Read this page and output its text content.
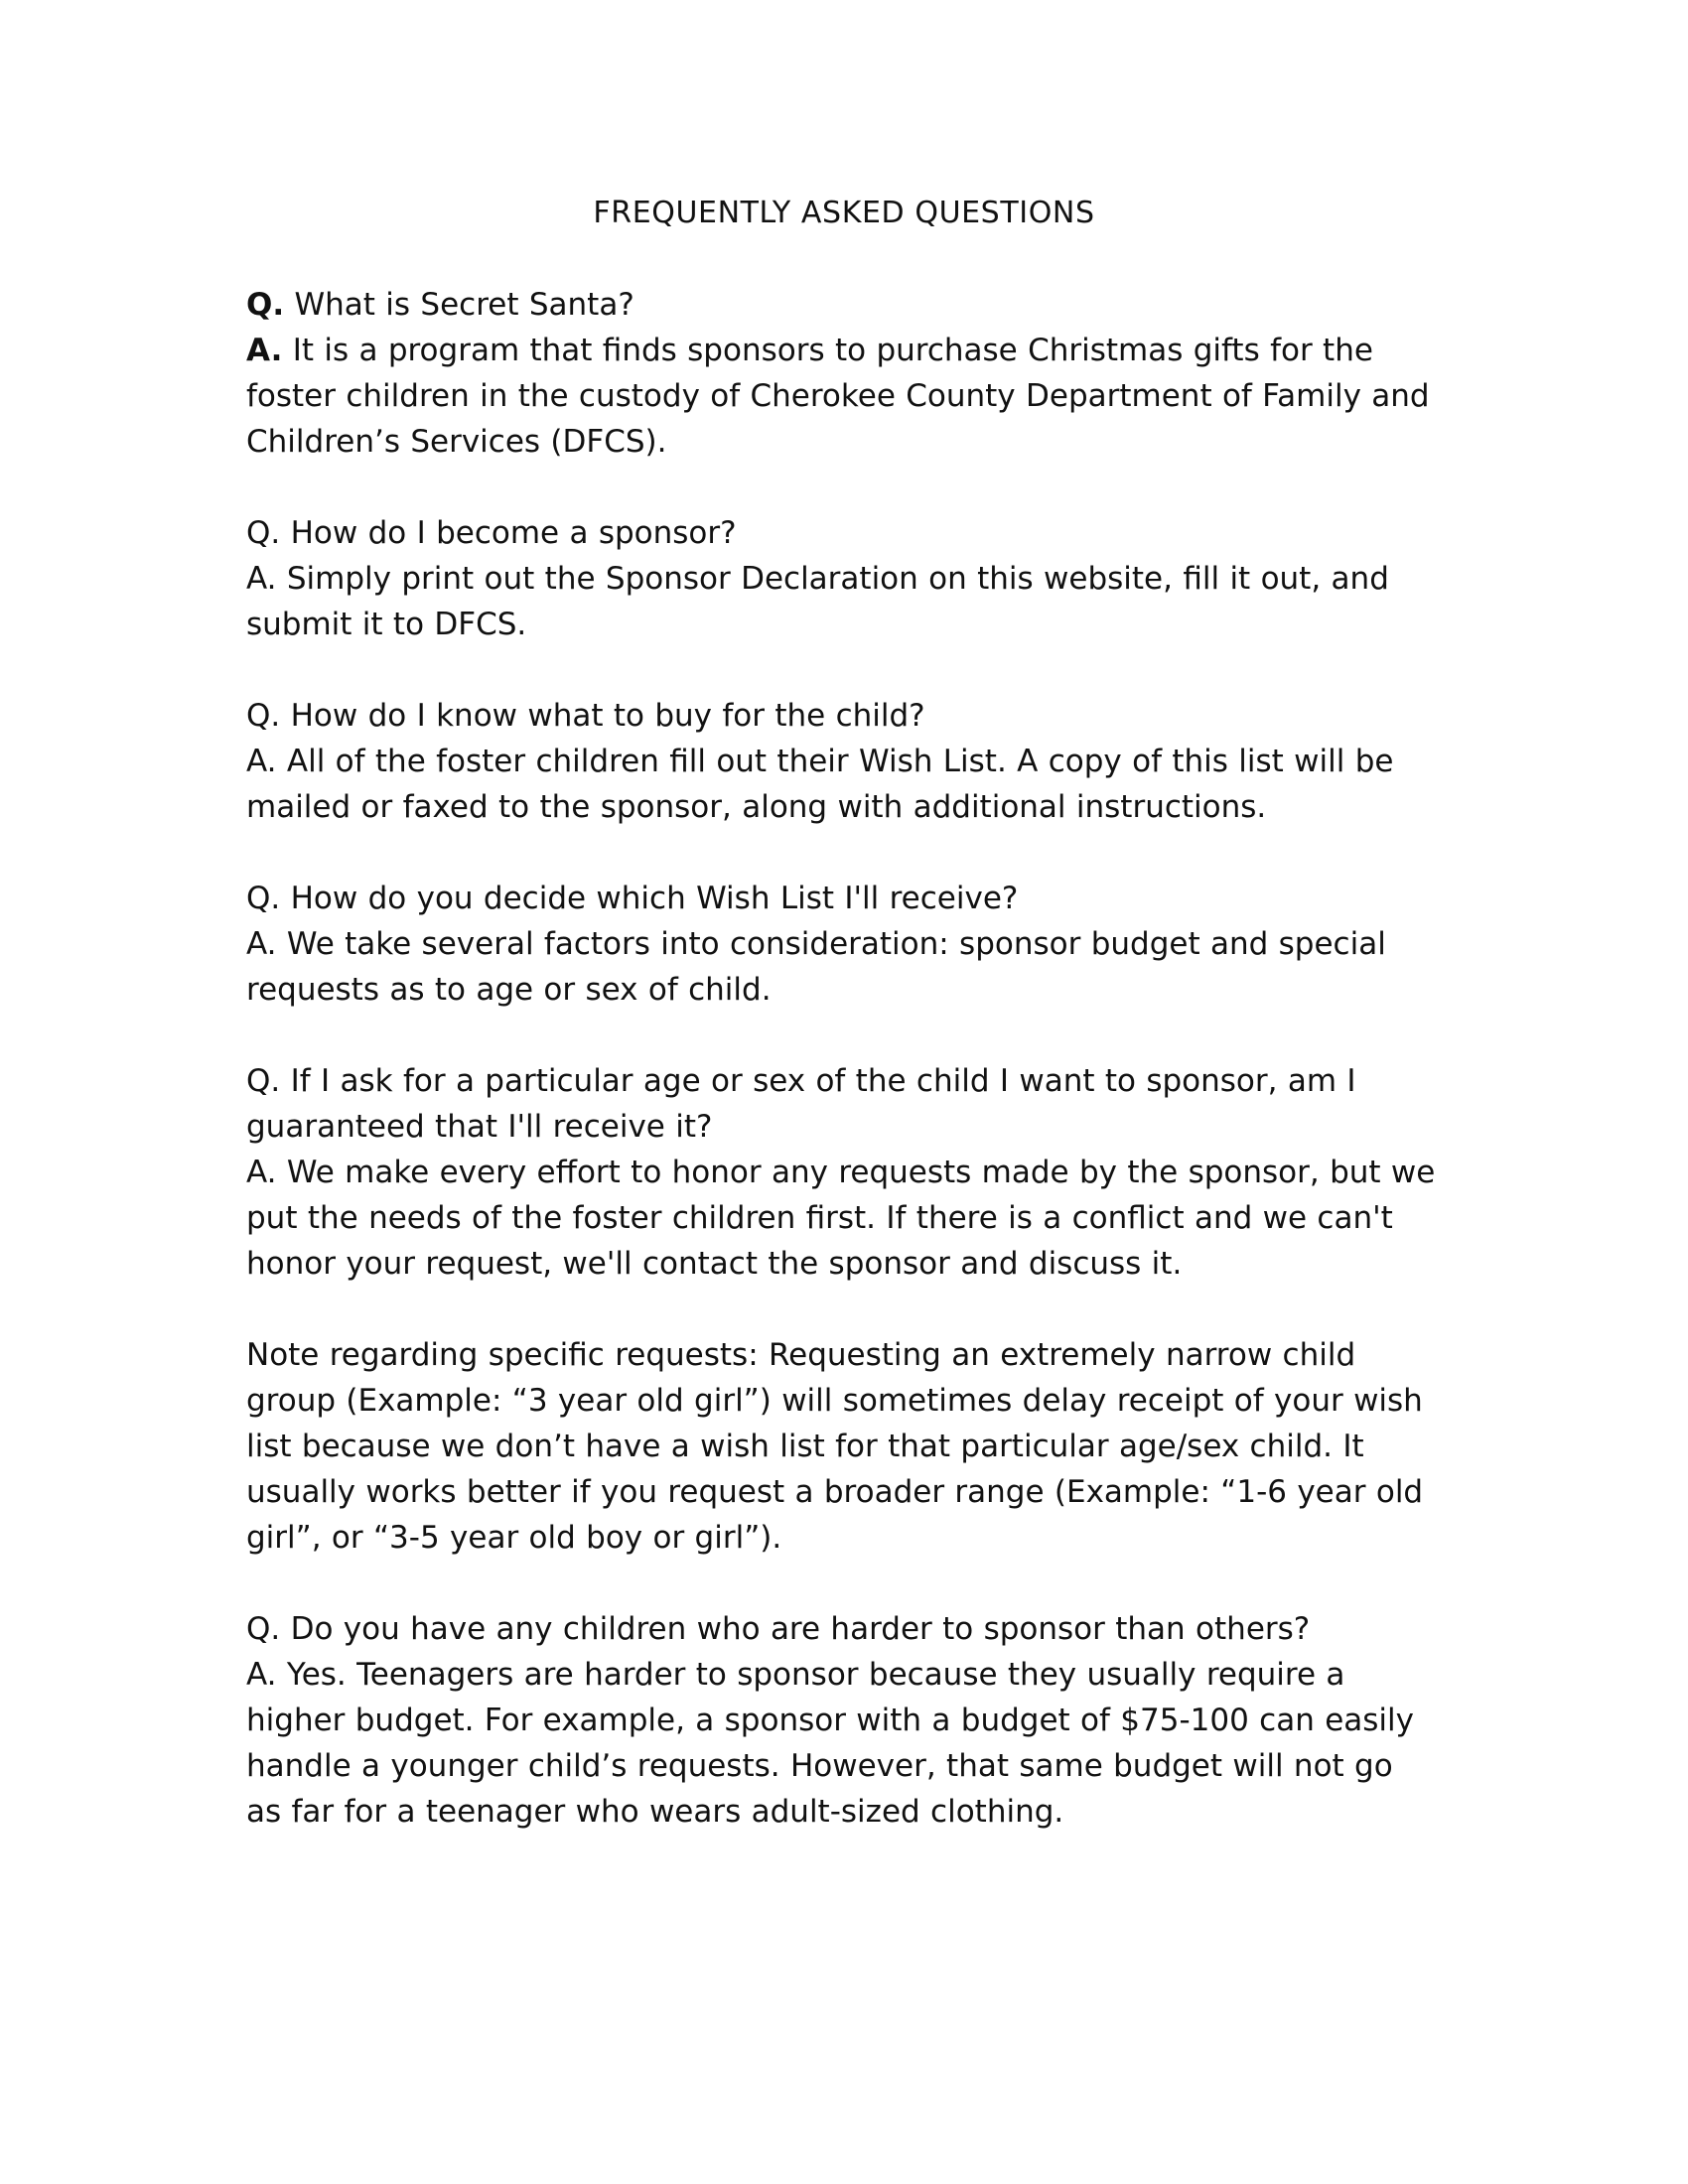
FREQUENTLY ASKED QUESTIONS
Q. What is Secret Santa?
A. It is a program that finds sponsors to purchase Christmas gifts for the foster children in the custody of Cherokee County Department of Family and Children’s Services (DFCS).
Q. How do I become a sponsor?
A. Simply print out the Sponsor Declaration on this website, fill it out, and submit it to DFCS.
Q. How do I know what to buy for the child?
A. All of the foster children fill out their Wish List. A copy of this list will be mailed or faxed to the sponsor, along with additional instructions.
Q. How do you decide which Wish List I'll receive?
A. We take several factors into consideration: sponsor budget and special requests as to age or sex of child.
Q. If I ask for a particular age or sex of the child I want to sponsor, am I guaranteed that I'll receive it?
A. We make every effort to honor any requests made by the sponsor, but we put the needs of the foster children first. If there is a conflict and we can't honor your request, we'll contact the sponsor and discuss it.
Note regarding specific requests: Requesting an extremely narrow child group (Example: “3 year old girl”) will sometimes delay receipt of your wish list because we don’t have a wish list for that particular age/sex child. It usually works better if you request a broader range (Example: “1-6 year old girl”, or “3-5 year old boy or girl”).
Q. Do you have any children who are harder to sponsor than others?
A. Yes. Teenagers are harder to sponsor because they usually require a higher budget. For example, a sponsor with a budget of $75-100 can easily handle a younger child’s requests. However, that same budget will not go as far for a teenager who wears adult-sized clothing.
